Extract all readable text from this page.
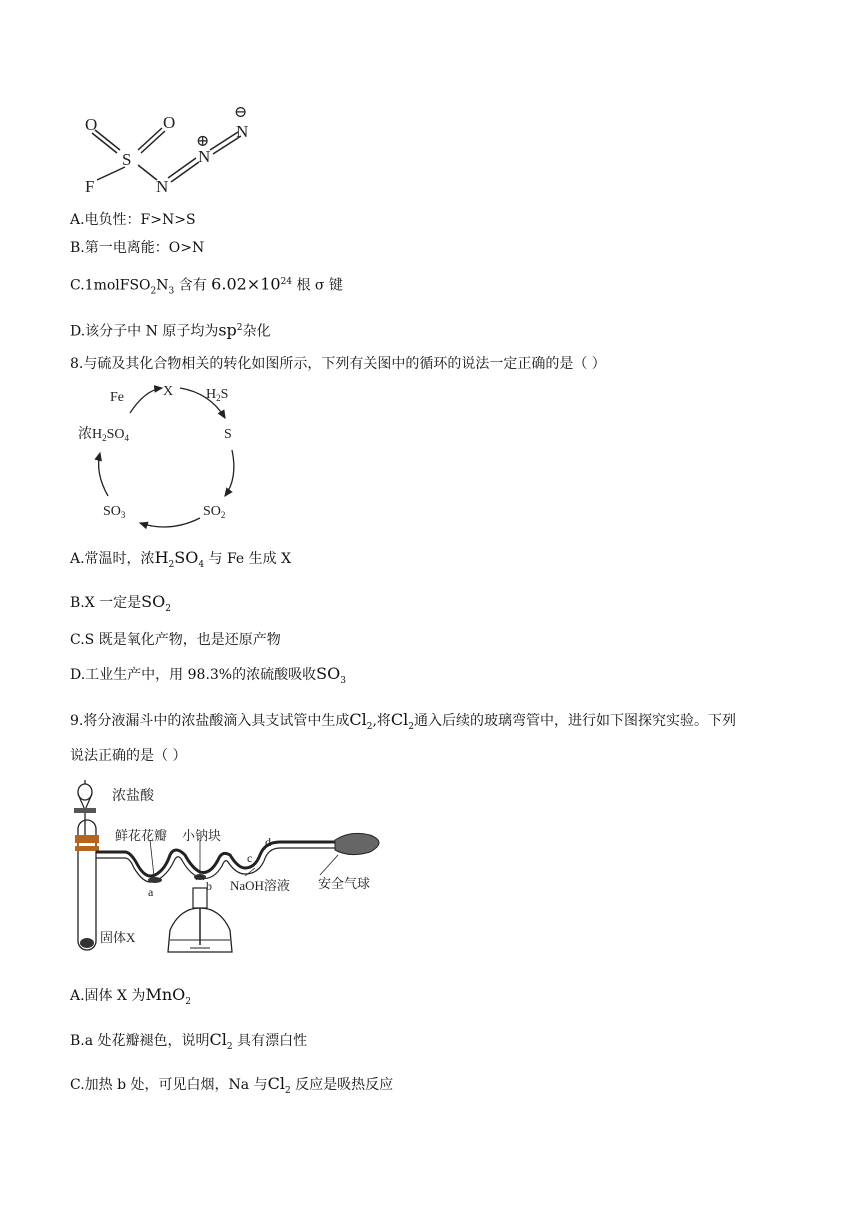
O	O
S
F	N
N
N
⊕
⊖
A.电负性：F>N>S
B.第一电离能：O>N
$C.1molFSO_2N_3$ 含有 $6.02\times 10^{24}$ 根 σ 键
D.该分子中 N 原子均为$sp^2$杂化
8.与硫及其化合物相关的转化如图所示，下列有关图中的循环的说法一定正确的是（ ）
X $H_2S$
S
$SO_2$
$SO_3$
浓$H_2SO_4$
Fe
A.常温时，浓$H_2SO_4$ 与 Fe 生成 X
B.X 一定是$SO_2$
C.S 既是氧化产物，也是还原产物
D.工业生产中，用 98.3%的浓硫酸吸收$SO_3$
9.将分液漏斗中的浓盐酸滴入具支试管中生成$Cl_2$,将$Cl_2$通入后续的玻璃弯管中，进行如下图探究实验。下列
说法正确的是（ ）
浓盐酸
鲜花花瓣 小钠块	d
c
a	b NaOH溶液 安全气球
固体X
A.固体 X 为MnO$_2$
B.a 处花瓣褪色，说明$Cl_2$ 具有漂白性
C.加热 b 处，可见白烟，Na 与$Cl_2$ 反应是吸热反应
